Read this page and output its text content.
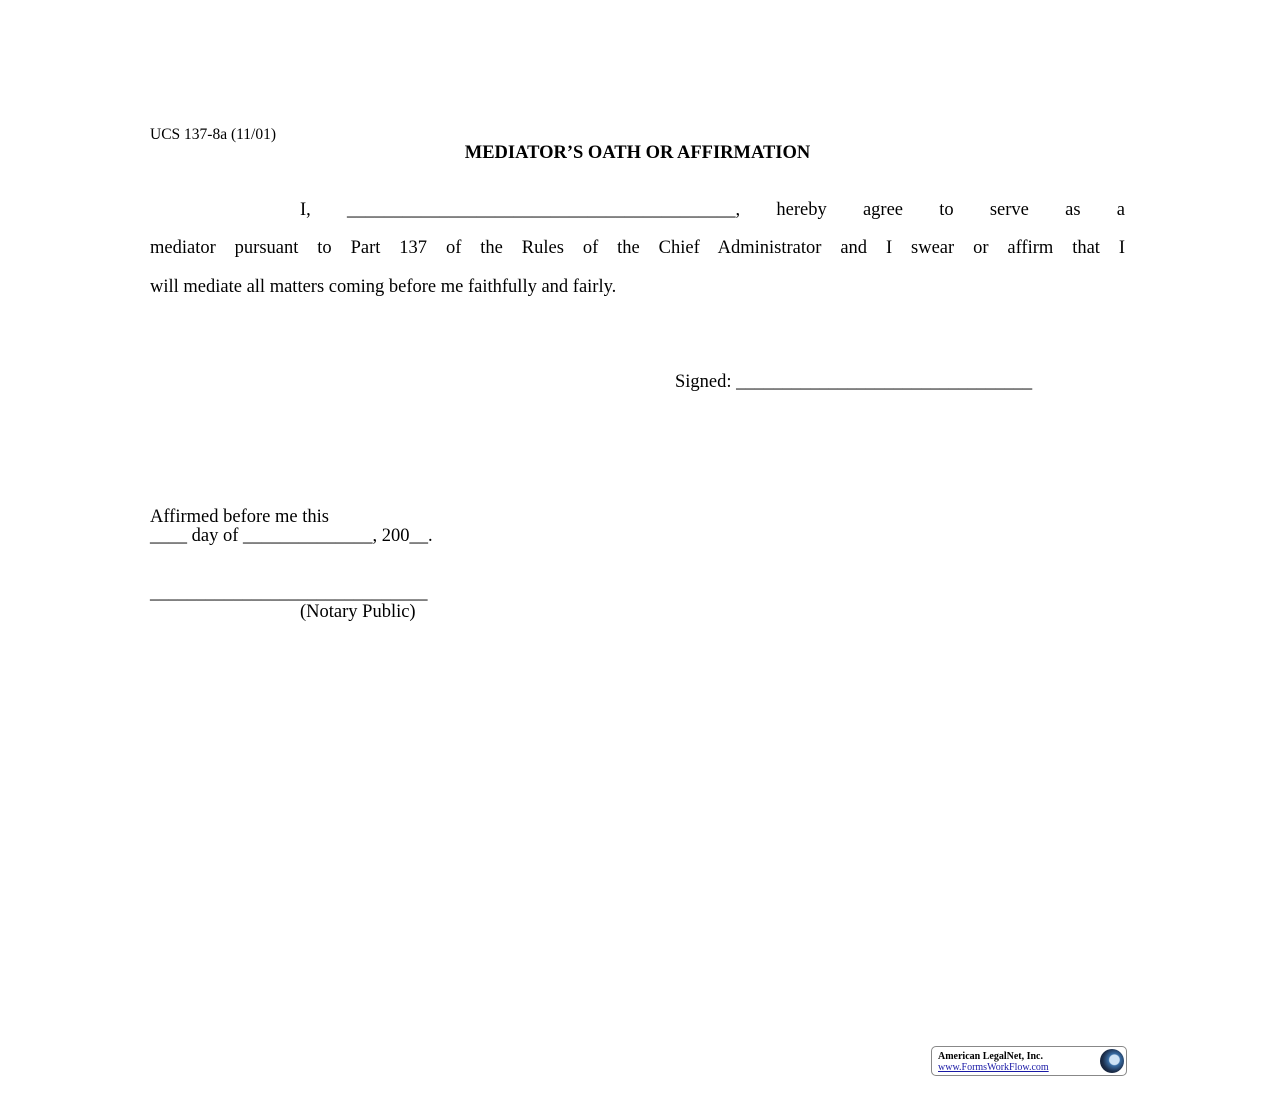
UCS 137-8a (11/01)
MEDIATOR’S OATH OR AFFIRMATION
I, __________________________________________, hereby agree to serve as a
mediator pursuant to Part 137 of the Rules of the Chief Administrator and I swear or affirm that I
will mediate all matters coming before me faithfully and fairly.
Signed: ________________________________
Affirmed before me this
____ day of ______________, 200__.
______________________________
(Notary Public)
American LegalNet, Inc.
www.FormsWorkFlow.com
